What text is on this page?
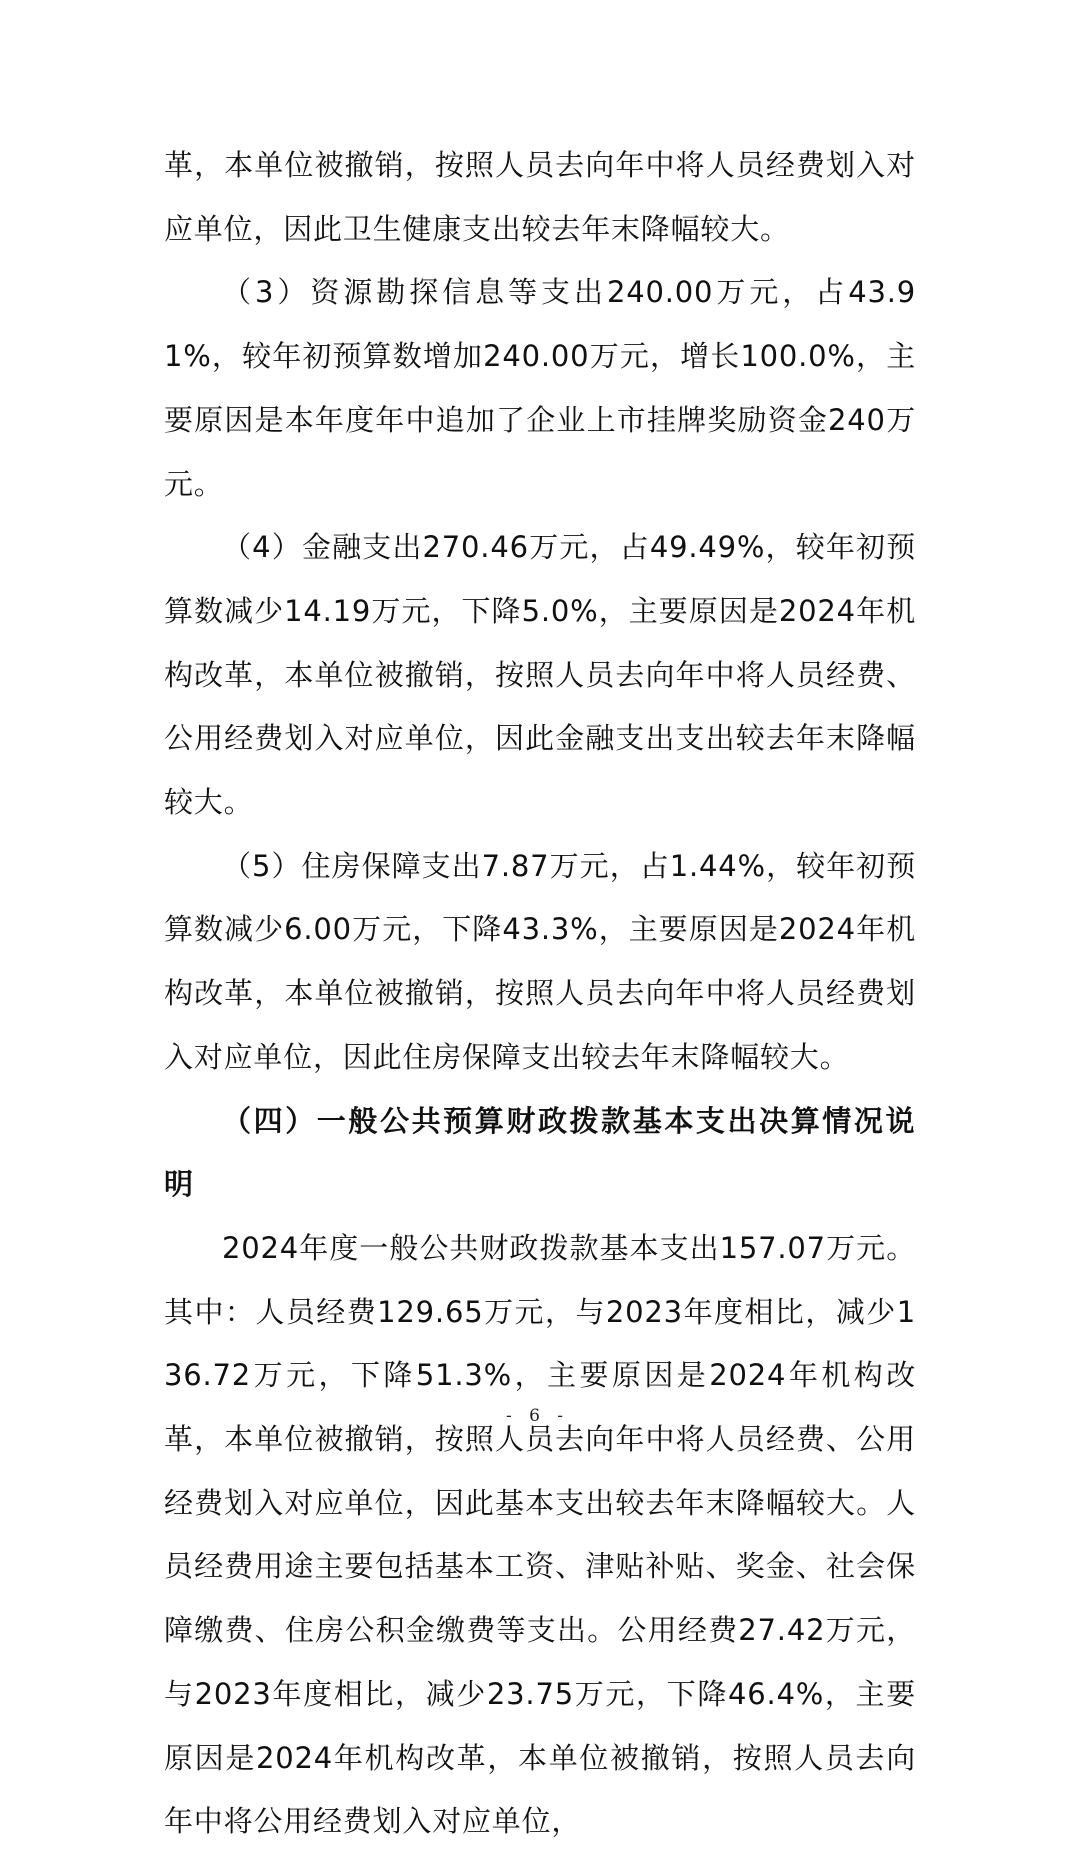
革，本单位被撤销，按照人员去向年中将人员经费划入对应单位，因此卫生健康支出较去年末降幅较大。

（3）资源勘探信息等支出240.00万元，占43.91%，较年初预算数增加240.00万元，增长100.0%，主要原因是本年度年中追加了企业上市挂牌奖励资金240万元。

（4）金融支出270.46万元，占49.49%，较年初预算数减少14.19万元，下降5.0%，主要原因是2024年机构改革，本单位被撤销，按照人员去向年中将人员经费、公用经费划入对应单位，因此金融支出支出较去年末降幅较大。

（5）住房保障支出7.87万元，占1.44%，较年初预算数减少6.00万元，下降43.3%，主要原因是2024年机构改革，本单位被撤销，按照人员去向年中将人员经费划入对应单位，因此住房保障支出较去年末降幅较大。

（四）一般公共预算财政拨款基本支出决算情况说明

2024年度一般公共财政拨款基本支出157.07万元。其中：人员经费129.65万元，与2023年度相比，减少136.72万元，下降51.3%，主要原因是2024年机构改革，本单位被撤销，按照人员去向年中将人员经费、公用经费划入对应单位，因此基本支出较去年末降幅较大。人员经费用途主要包括基本工资、津贴补贴、奖金、社会保障缴费、住房公积金缴费等支出。公用经费27.42万元，与2023年度相比，减少23.75万元，下降46.4%，主要原因是2024年机构改革，本单位被撤销，按照人员去向年中将公用经费划入对应单位，

- 6 -
